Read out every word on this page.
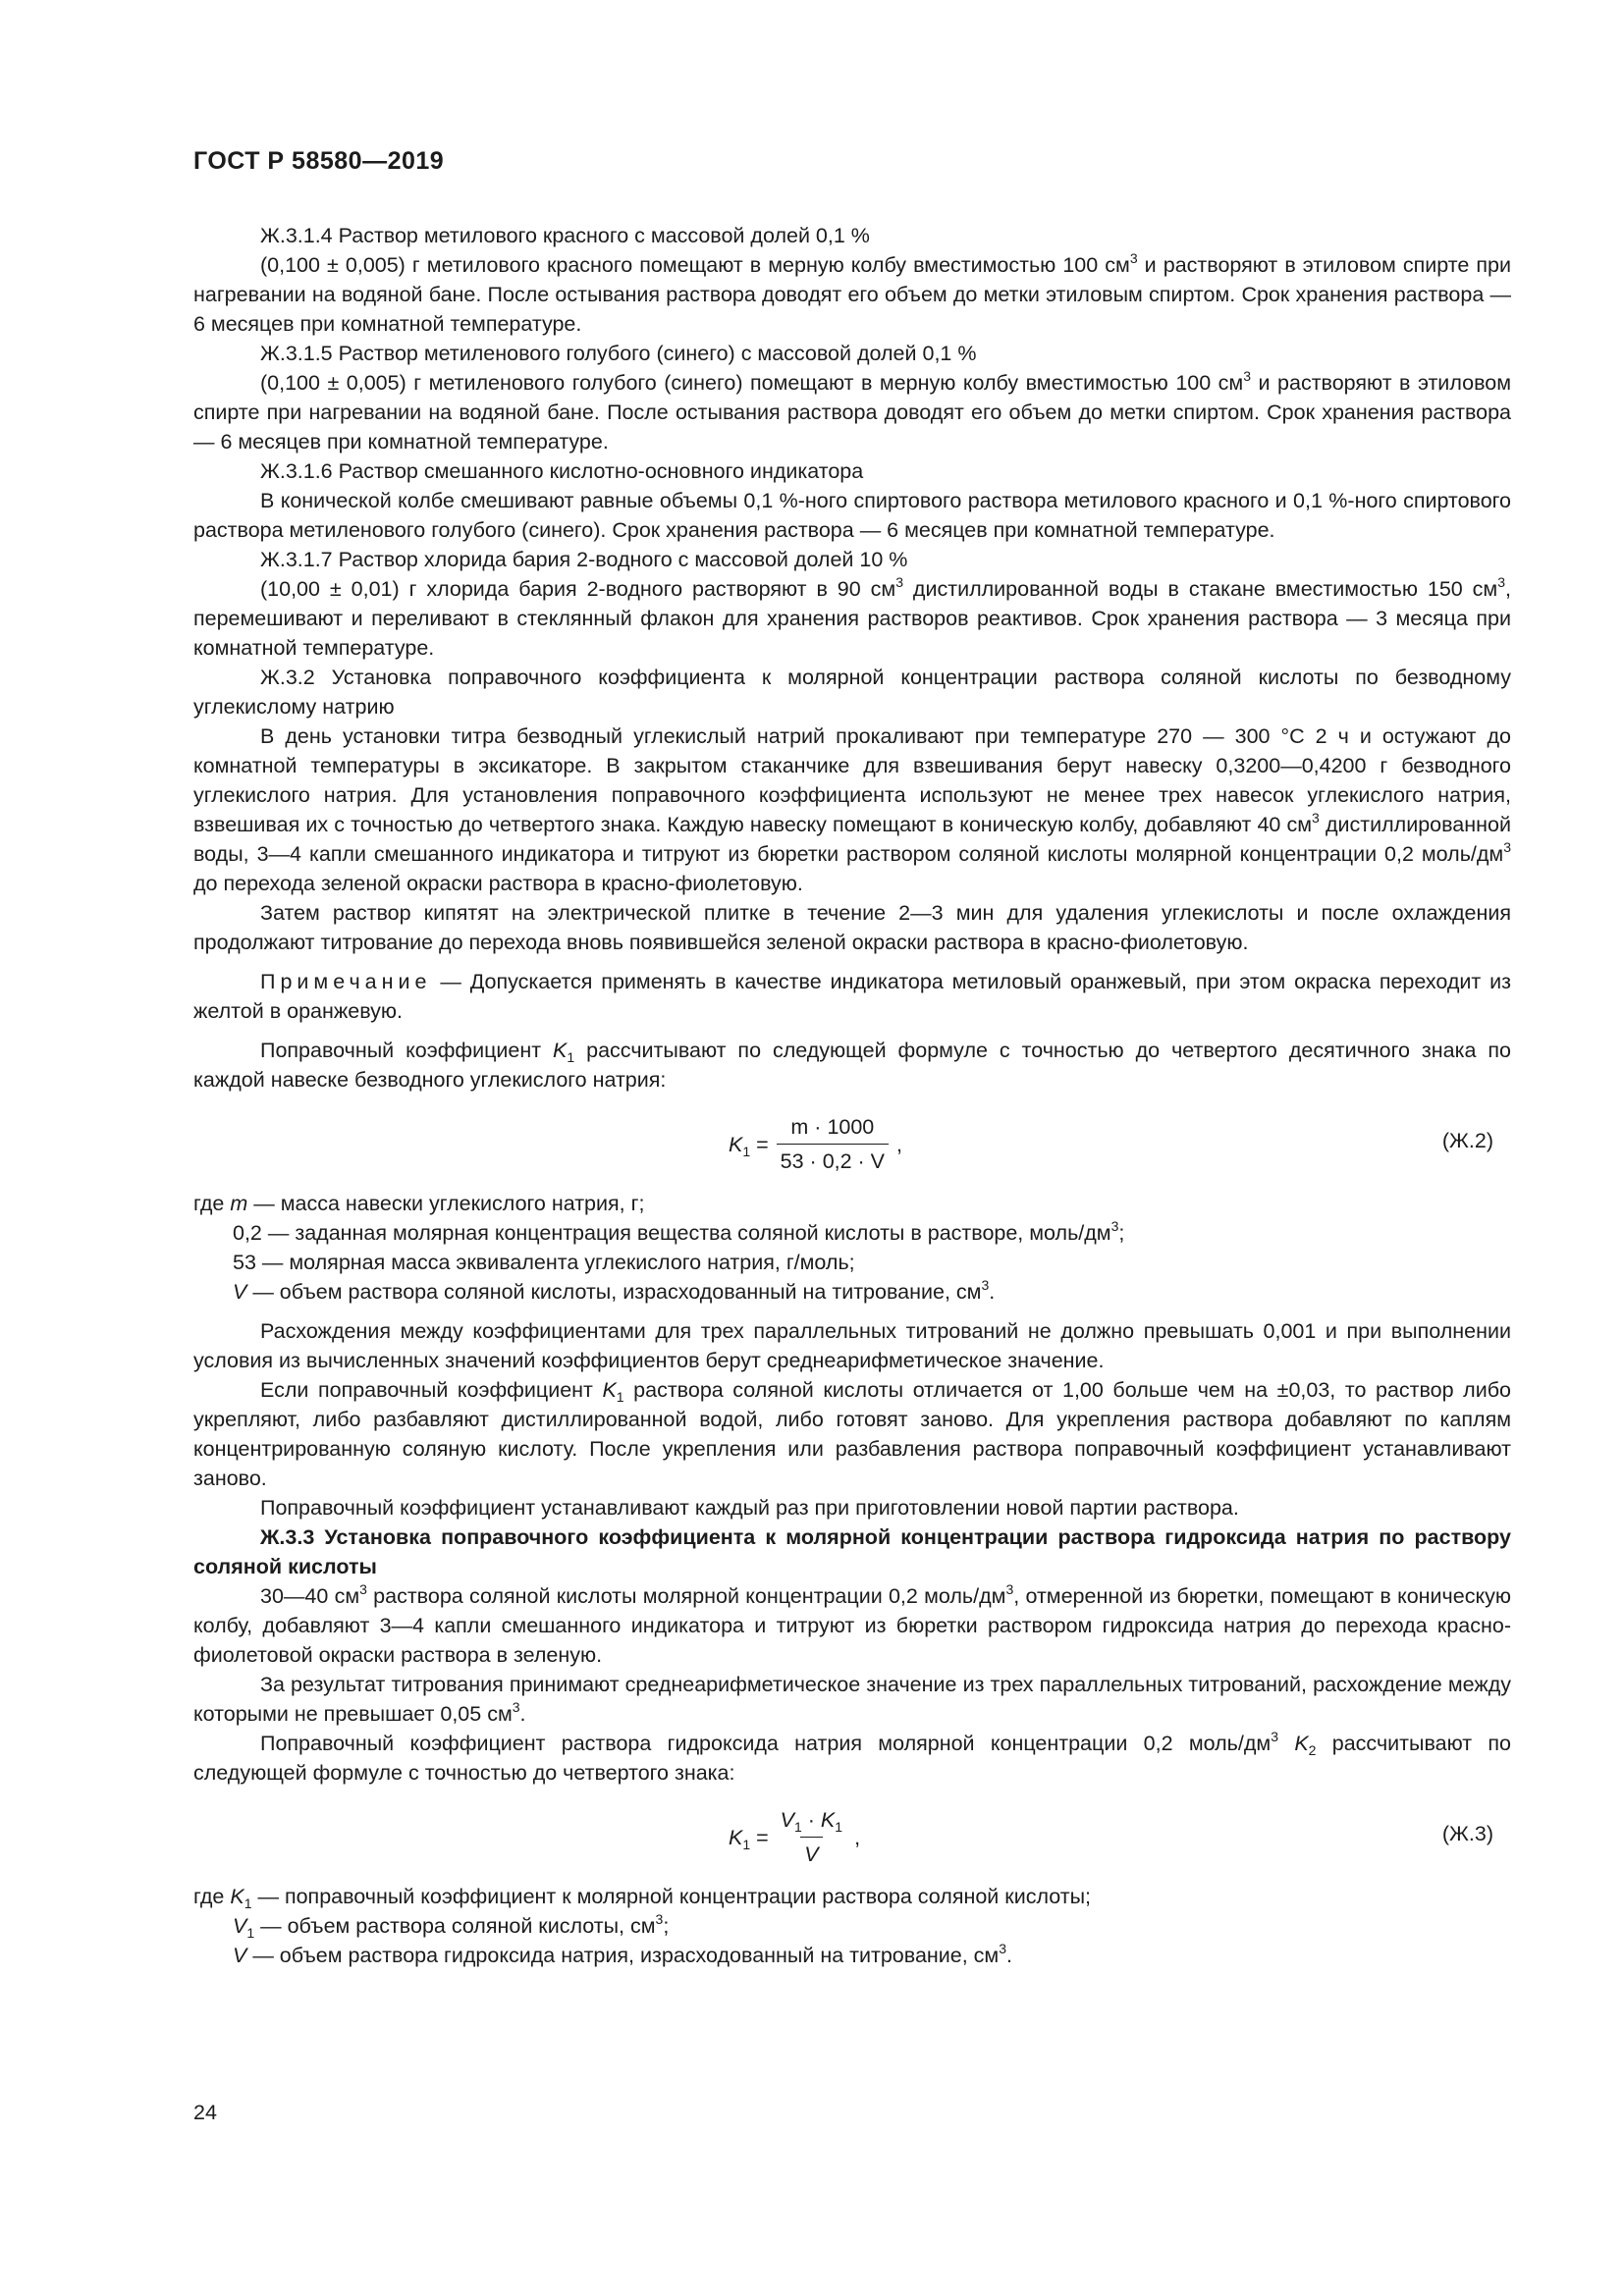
ГОСТ Р 58580—2019

Ж.3.1.4 Раствор метилового красного с массовой долей 0,1 %

(0,100 ± 0,005) г метилового красного помещают в мерную колбу вместимостью 100 $см^3$ и растворяют в этиловом спирте при нагревании на водяной бане. После остывания раствора доводят его объем до метки этиловым спиртом. Срок хранения раствора — 6 месяцев при комнатной температуре.

Ж.3.1.5 Раствор метиленового голубого (синего) с массовой долей 0,1 %

(0,100 ± 0,005) г метиленового голубого (синего) помещают в мерную колбу вместимостью 100 $см^3$ и растворяют в этиловом спирте при нагревании на водяной бане. После остывания раствора доводят его объем до метки спиртом. Срок хранения раствора — 6 месяцев при комнатной температуре.

Ж.3.1.6 Раствор смешанного кислотно-основного индикатора

В конической колбе смешивают равные объемы 0,1 %-ного спиртового раствора метилового красного и 0,1 %-ного спиртового раствора метиленового голубого (синего). Срок хранения раствора — 6 месяцев при комнатной температуре.

Ж.3.1.7 Раствор хлорида бария 2-водного с массовой долей 10 %

(10,00 ± 0,01) г хлорида бария 2-водного растворяют в 90 $см^3$ дистиллированной воды в стакане вместимостью 150 $см^3$, перемешивают и переливают в стеклянный флакон для хранения растворов реактивов. Срок хранения раствора — 3 месяца при комнатной температуре.

Ж.3.2 Установка поправочного коэффициента к молярной концентрации раствора соляной кислоты по безводному углекислому натрию

В день установки титра безводный углекислый натрий прокаливают при температуре 270 — 300 °С 2 ч и остужают до комнатной температуры в эксикаторе. В закрытом стаканчике для взвешивания берут навеску 0,3200—0,4200 г безводного углекислого натрия. Для установления поправочного коэффициента используют не менее трех навесок углекислого натрия, взвешивая их с точностью до четвертого знака. Каждую навеску помещают в коническую колбу, добавляют 40 $см^3$ дистиллированной воды, 3—4 капли смешанного индикатора и титруют из бюретки раствором соляной кислоты молярной концентрации 0,2 моль/$дм^3$ до перехода зеленой окраски раствора в красно-фиолетовую.

Затем раствор кипятят на электрической плитке в течение 2—3 мин для удаления углекислоты и после охлаждения продолжают титрование до перехода вновь появившейся зеленой окраски раствора в красно-фиолетовую.

Примечание — Допускается применять в качестве индикатора метиловый оранжевый, при этом окраска переходит из желтой в оранжевую.

Поправочный коэффициент $K_1$ рассчитывают по следующей формуле с точностью до четвертого десятичного знака по каждой навеске безводного углекислого натрия:

$K_1 = \frac{m \cdot 1000}{53 \cdot 0,2 \cdot V}$ ,	(Ж.2)

где m — масса навески углекислого натрия, г;

0,2 — заданная молярная концентрация вещества соляной кислоты в растворе, моль/$дм^3$;

53 — молярная масса эквивалента углекислого натрия, г/моль;

V — объем раствора соляной кислоты, израсходованный на титрование, $см^3$.

Расхождения между коэффициентами для трех параллельных титрований не должно превышать 0,001 и при выполнении условия из вычисленных значений коэффициентов берут среднеарифметическое значение.

Если поправочный коэффициент $K_1$ раствора соляной кислоты отличается от 1,00 больше чем на ±0,03, то раствор либо укрепляют, либо разбавляют дистиллированной водой, либо готовят заново. Для укрепления раствора добавляют по каплям концентрированную соляную кислоту. После укрепления или разбавления раствора поправочный коэффициент устанавливают заново.

Поправочный коэффициент устанавливают каждый раз при приготовлении новой партии раствора.

Ж.3.3 Установка поправочного коэффициента к молярной концентрации раствора гидроксида натрия по раствору соляной кислоты

30—40 $см^3$ раствора соляной кислоты молярной концентрации 0,2 моль/$дм^3$, отмеренной из бюретки, помещают в коническую колбу, добавляют 3—4 капли смешанного индикатора и титруют из бюретки раствором гидроксида натрия до перехода красно-фиолетовой окраски раствора в зеленую.

За результат титрования принимают среднеарифметическое значение из трех параллельных титрований, расхождение между которыми не превышает 0,05 $см^3$.

Поправочный коэффициент раствора гидроксида натрия молярной концентрации 0,2 моль/$дм^3$ $K_2$ рассчитывают по следующей формуле с точностью до четвертого знака:

$K_1 = \frac{V_1 \cdot K_1}{V}$ ,	(Ж.3)

где $K_1$ — поправочный коэффициент к молярной концентрации раствора соляной кислоты;

$V_1$ — объем раствора соляной кислоты, $см^3$;

V — объем раствора гидроксида натрия, израсходованный на титрование, $см^3$.

24
